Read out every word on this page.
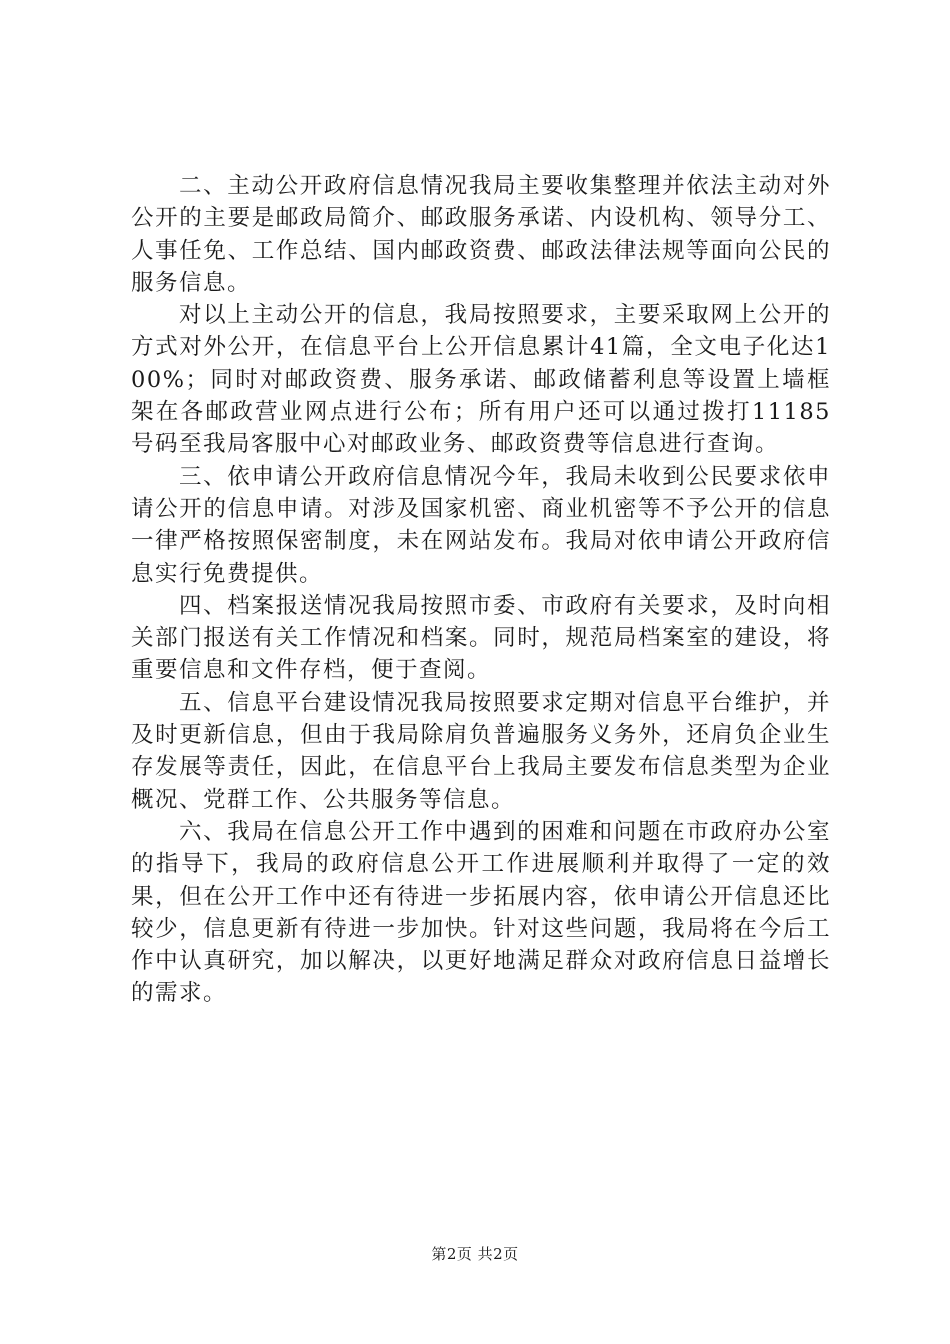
二、主动公开政府信息情况我局主要收集整理并依法主动对外公开的主要是邮政局简介、邮政服务承诺、内设机构、领导分工、人事任免、工作总结、国内邮政资费、邮政法律法规等面向公民的服务信息。

对以上主动公开的信息，我局按照要求，主要采取网上公开的方式对外公开，在信息平台上公开信息累计41篇，全文电子化达100%；同时对邮政资费、服务承诺、邮政储蓄利息等设置上墙框架在各邮政营业网点进行公布；所有用户还可以通过拨打11185号码至我局客服中心对邮政业务、邮政资费等信息进行查询。

三、依申请公开政府信息情况今年，我局未收到公民要求依申请公开的信息申请。对涉及国家机密、商业机密等不予公开的信息一律严格按照保密制度，未在网站发布。我局对依申请公开政府信息实行免费提供。

四、档案报送情况我局按照市委、市政府有关要求，及时向相关部门报送有关工作情况和档案。同时，规范局档案室的建设，将重要信息和文件存档，便于查阅。

五、信息平台建设情况我局按照要求定期对信息平台维护，并及时更新信息，但由于我局除肩负普遍服务义务外，还肩负企业生存发展等责任，因此，在信息平台上我局主要发布信息类型为企业概况、党群工作、公共服务等信息。

六、我局在信息公开工作中遇到的困难和问题在市政府办公室的指导下，我局的政府信息公开工作进展顺利并取得了一定的效果，但在公开工作中还有待进一步拓展内容，依申请公开信息还比较少，信息更新有待进一步加快。针对这些问题，我局将在今后工作中认真研究，加以解决，以更好地满足群众对政府信息日益增长的需求。

第2页 共2页
